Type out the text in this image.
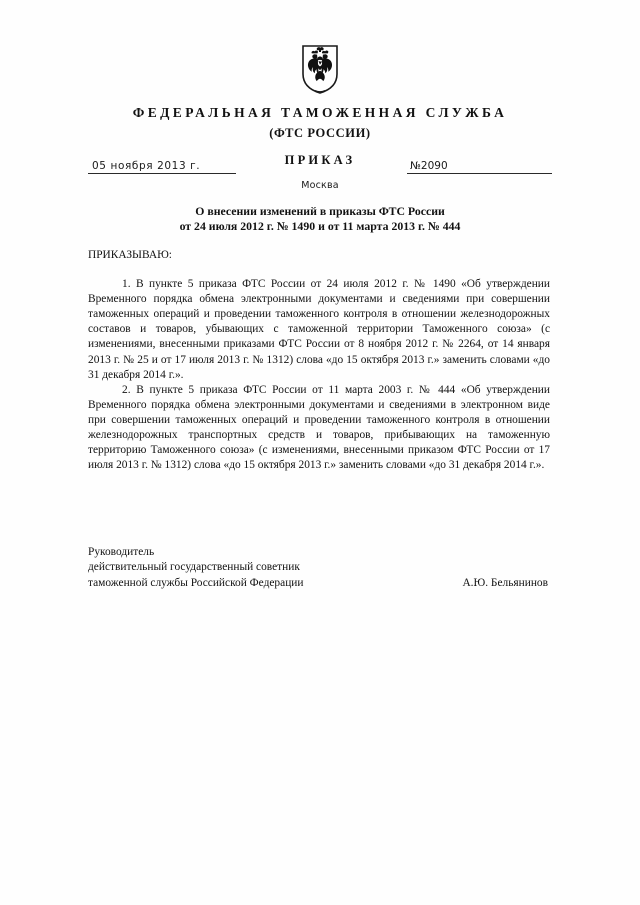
ФЕДЕРАЛЬНАЯ ТАМОЖЕННАЯ СЛУЖБА
(ФТС РОССИИ)
ПРИКАЗ
05 ноября 2013 г.	№2090
Москва
О внесении изменений в приказы ФТС России
от 24 июля 2012 г. № 1490 и от 11 марта 2013 г. № 444

ПРИКАЗЫВАЮ:

1. В пункте 5 приказа ФТС России от 24 июля 2012 г. № 1490 «Об утверждении Временного порядка обмена электронными документами и сведениями при совершении таможенных операций и проведении таможенного контроля в отношении железнодорожных составов и товаров, убывающих с таможенной территории Таможенного союза» (с изменениями, внесенными приказами ФТС России от 8 ноября 2012 г. № 2264, от 14 января 2013 г. № 25 и от 17 июля 2013 г. № 1312) слова «до 15 октября 2013 г.» заменить словами «до 31 декабря 2014 г.».

2. В пункте 5 приказа ФТС России от 11 марта 2003 г. № 444 «Об утверждении Временного порядка обмена электронными документами и сведениями в электронном виде при совершении таможенных операций и проведении таможенного контроля в отношении железнодорожных транспортных средств и товаров, прибывающих на таможенную территорию Таможенного союза» (с изменениями, внесенными приказом ФТС России от 17 июля 2013 г. № 1312) слова «до 15 октября 2013 г.» заменить словами «до 31 декабря 2014 г.».

Руководитель
действительный государственный советник
таможенной службы Российской Федерации	А.Ю. Бельянинов
